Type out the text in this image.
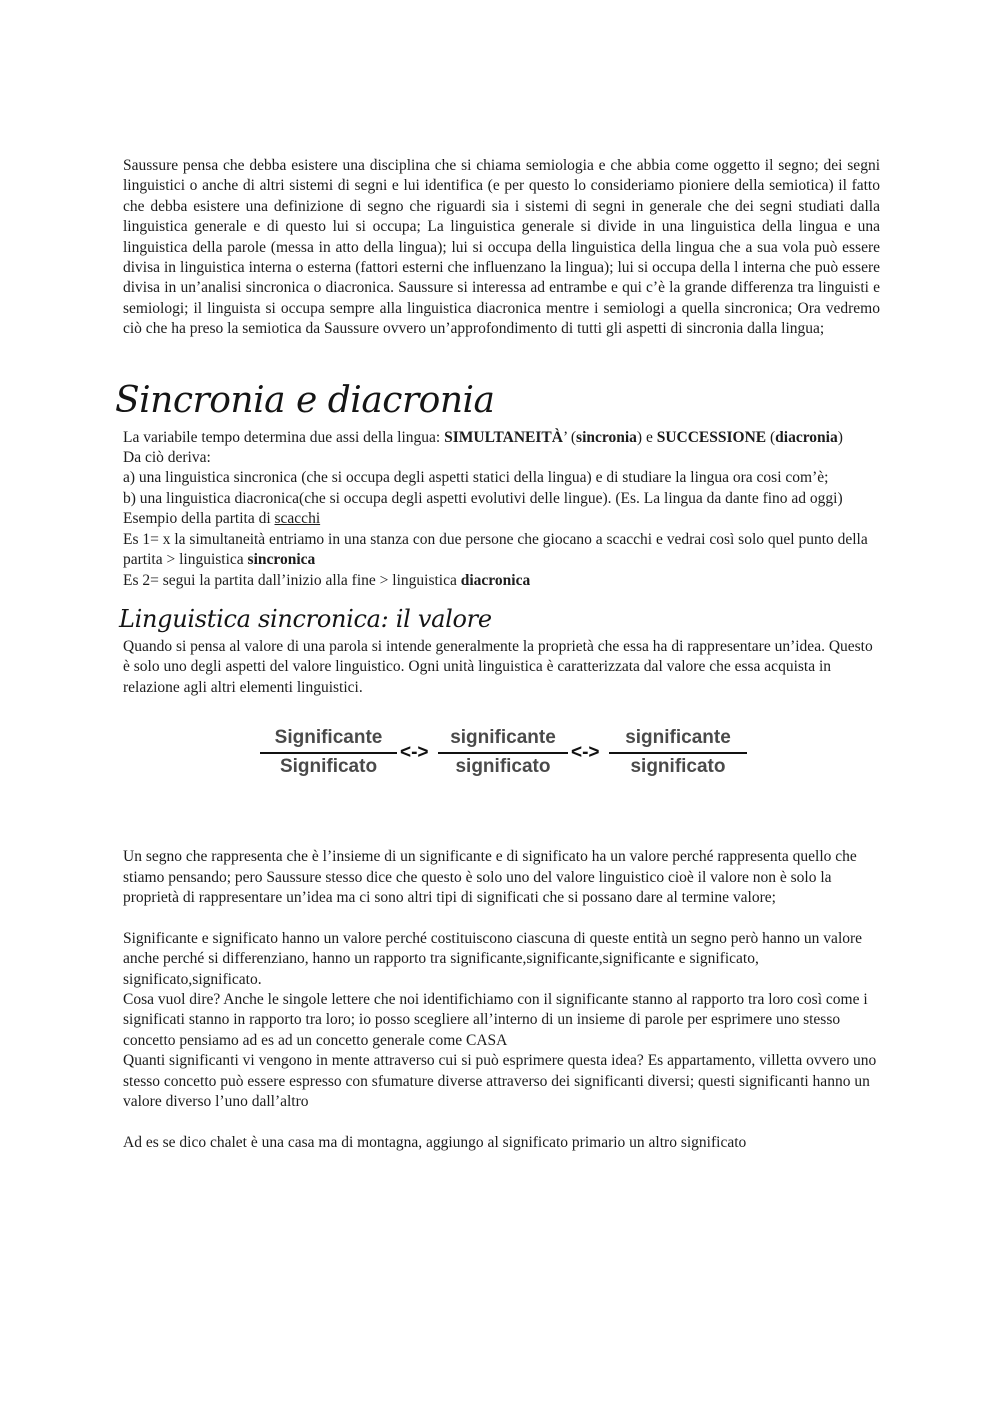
Saussure pensa che debba esistere una disciplina che si chiama semiologia e che abbia come oggetto il segno; dei segni linguistici o anche di altri sistemi di segni e lui identifica (e per questo lo consideriamo pioniere della semiotica) il fatto che debba esistere una definizione di segno che riguardi sia i sistemi di segni in generale che dei segni studiati dalla linguistica generale e di questo lui si occupa; La linguistica generale si divide in una linguistica della lingua e una linguistica della parole (messa in atto della lingua); lui si occupa della linguistica della lingua che a sua vola può essere divisa in linguistica interna o esterna (fattori esterni che influenzano la lingua); lui si occupa della l interna che può essere divisa in un’analisi sincronica o diacronica. Saussure si interessa ad entrambe e qui c’è la grande differenza tra linguisti e semiologi; il linguista si occupa sempre alla linguistica diacronica mentre i semiologi a quella sincronica; Ora vedremo ciò che ha preso la semiotica da Saussure ovvero un’approfondimento di tutti gli aspetti di sincronia dalla lingua;

Sincronia e diacronia

La variabile tempo determina due assi della lingua: SIMULTANEITÀ’ (sincronia) e SUCCESSIONE (diacronia)

Da ciò deriva:

a) una linguistica sincronica (che si occupa degli aspetti statici della lingua) e di studiare la lingua ora cosi com’è;

b) una linguistica diacronica(che si occupa degli aspetti evolutivi delle lingue). (Es. La lingua da dante fino ad oggi)

Esempio della partita di scacchi

Es 1= x la simultaneità entriamo in una stanza con due persone che giocano a scacchi e vedrai così solo quel punto della partita > linguistica sincronica

Es 2= segui la partita dall’inizio alla fine > linguistica diacronica

Linguistica sincronica: il valore

Quando si pensa al valore di una parola si intende generalmente la proprietà che essa ha di rappresentare un’idea. Questo è solo uno degli aspetti del valore linguistico. Ogni unità linguistica è caratterizzata dal valore che essa acquista in relazione agli altri elementi linguistici.

Significante
Significato
<->
significante
significato
<->
significante
significato

Un segno che rappresenta che è l’insieme di un significante e di significato ha un valore perché rappresenta quello che stiamo pensando; pero Saussure stesso dice che questo è solo uno del valore linguistico cioè il valore non è solo la proprietà di rappresentare un’idea ma ci sono altri tipi di significati che si possano dare al termine valore;

Significante e significato hanno un valore perché costituiscono ciascuna di queste entità un segno però hanno un valore anche perché si differenziano, hanno un rapporto tra significante,significante,significante e significato, significato,significato.

Cosa vuol dire? Anche le singole lettere che noi identifichiamo con il significante stanno al rapporto tra loro così come i significati stanno in rapporto tra loro; io posso scegliere all’interno di un insieme di parole per esprimere uno stesso concetto pensiamo ad es ad un concetto generale come CASA

Quanti significanti vi vengono in mente attraverso cui si può esprimere questa idea? Es appartamento, villetta ovvero uno stesso concetto può essere espresso con sfumature diverse attraverso dei significanti diversi; questi significanti hanno un valore diverso l’uno dall’altro

Ad es se dico chalet è una casa ma di montagna, aggiungo al significato primario un altro significato
